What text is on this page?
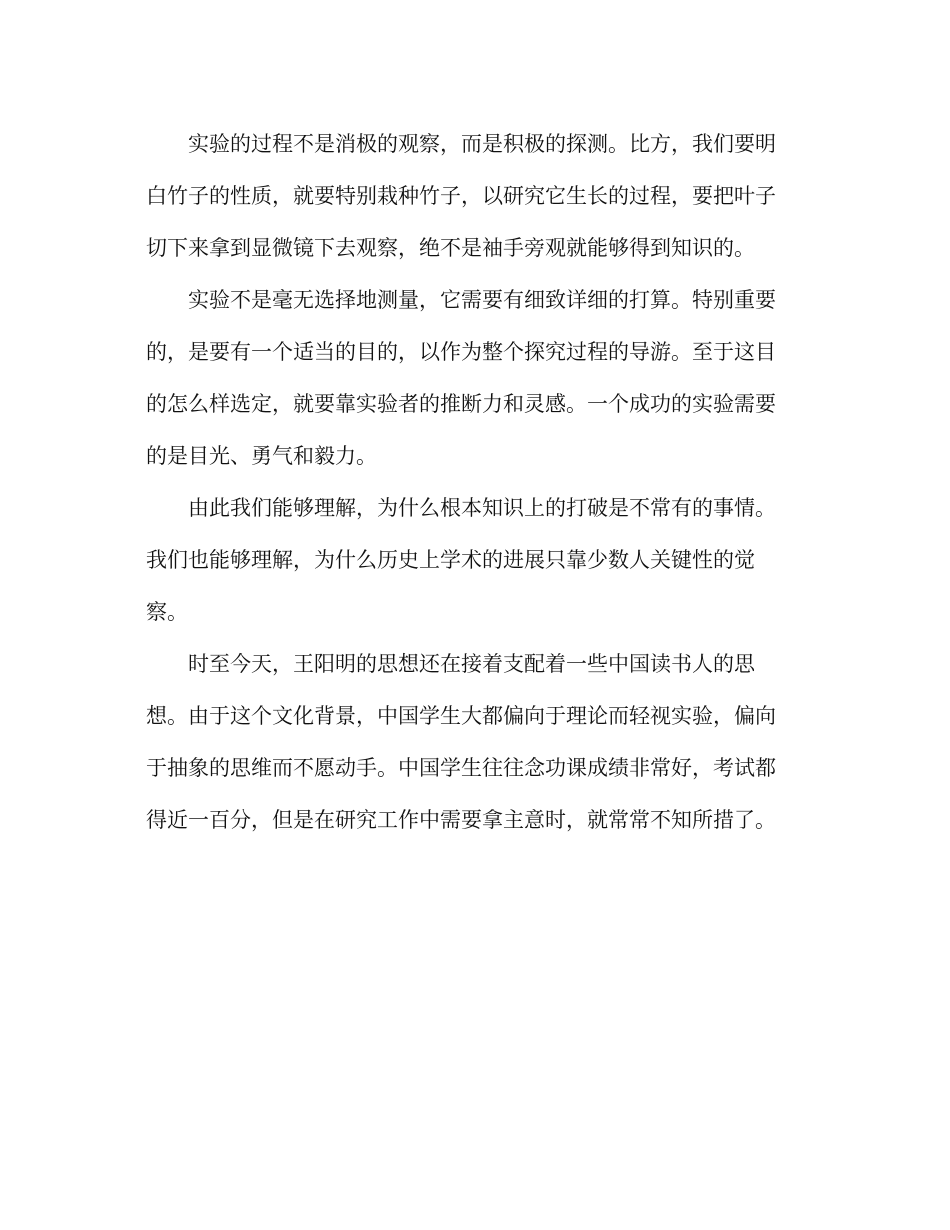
实验的过程不是消极的观察，而是积极的探测。比方，我们要明
白竹子的性质，就要特别栽种竹子，以研究它生长的过程，要把叶子
切下来拿到显微镜下去观察，绝不是袖手旁观就能够得到知识的。
实验不是毫无选择地测量，它需要有细致详细的打算。特别重要
的，是要有一个适当的目的，以作为整个探究过程的导游。至于这目
的怎么样选定，就要靠实验者的推断力和灵感。一个成功的实验需要
的是目光、勇气和毅力。
由此我们能够理解，为什么根本知识上的打破是不常有的事情。
我们也能够理解，为什么历史上学术的进展只靠少数人关键性的觉
察。
时至今天，王阳明的思想还在接着支配着一些中国读书人的思
想。由于这个文化背景，中国学生大都偏向于理论而轻视实验，偏向
于抽象的思维而不愿动手。中国学生往往念功课成绩非常好，考试都
得近一百分，但是在研究工作中需要拿主意时，就常常不知所措了。
